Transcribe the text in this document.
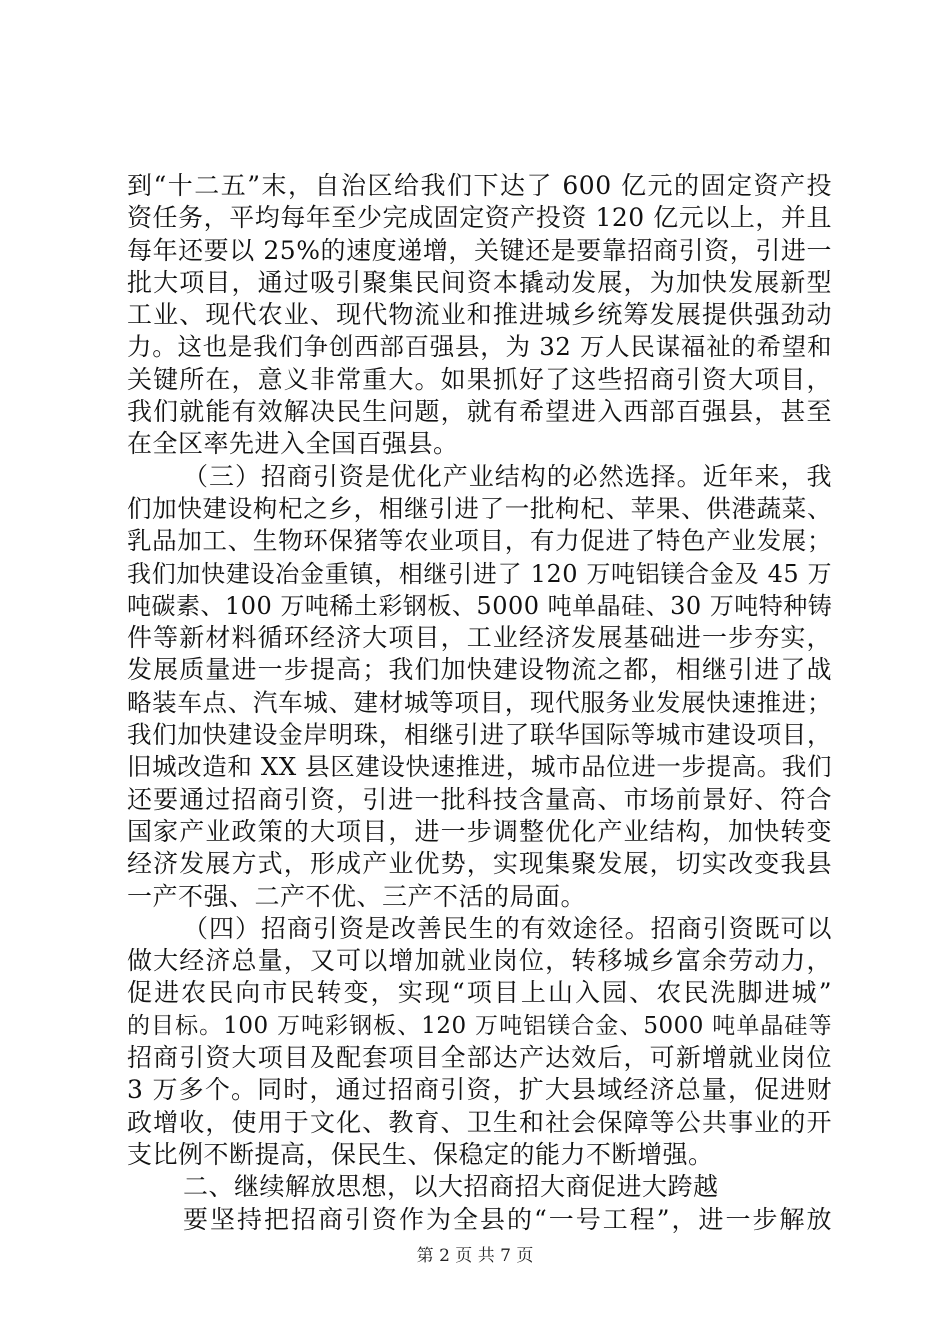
到“十二五”末，自治区给我们下达了 600 亿元的固定资产投
资任务，平均每年至少完成固定资产投资 120 亿元以上，并且
每年还要以 25%的速度递增，关键还是要靠招商引资，引进一
批大项目，通过吸引聚集民间资本撬动发展，为加快发展新型
工业、现代农业、现代物流业和推进城乡统筹发展提供强劲动
力。这也是我们争创西部百强县，为 32 万人民谋福祉的希望和
关键所在，意义非常重大。如果抓好了这些招商引资大项目，
我们就能有效解决民生问题，就有希望进入西部百强县，甚至
在全区率先进入全国百强县。
（三）招商引资是优化产业结构的必然选择。近年来，我
们加快建设枸杞之乡，相继引进了一批枸杞、苹果、供港蔬菜、
乳品加工、生物环保猪等农业项目，有力促进了特色产业发展；
我们加快建设冶金重镇，相继引进了 120 万吨铝镁合金及 45 万
吨碳素、100 万吨稀土彩钢板、5000 吨单晶硅、30 万吨特种铸
件等新材料循环经济大项目，工业经济发展基础进一步夯实，
发展质量进一步提高；我们加快建设物流之都，相继引进了战
略装车点、汽车城、建材城等项目，现代服务业发展快速推进；
我们加快建设金岸明珠，相继引进了联华国际等城市建设项目，
旧城改造和 XX 县区建设快速推进，城市品位进一步提高。我们
还要通过招商引资，引进一批科技含量高、市场前景好、符合
国家产业政策的大项目，进一步调整优化产业结构，加快转变
经济发展方式，形成产业优势，实现集聚发展，切实改变我县
一产不强、二产不优、三产不活的局面。
（四）招商引资是改善民生的有效途径。招商引资既可以
做大经济总量，又可以增加就业岗位，转移城乡富余劳动力，
促进农民向市民转变，实现“项目上山入园、农民洗脚进城”
的目标。100 万吨彩钢板、120 万吨铝镁合金、5000 吨单晶硅等
招商引资大项目及配套项目全部达产达效后，可新增就业岗位
3 万多个。同时，通过招商引资，扩大县域经济总量，促进财
政增收，使用于文化、教育、卫生和社会保障等公共事业的开
支比例不断提高，保民生、保稳定的能力不断增强。
二、继续解放思想，以大招商招大商促进大跨越
要坚持把招商引资作为全县的“一号工程”，进一步解放
第 2 页 共 7 页
